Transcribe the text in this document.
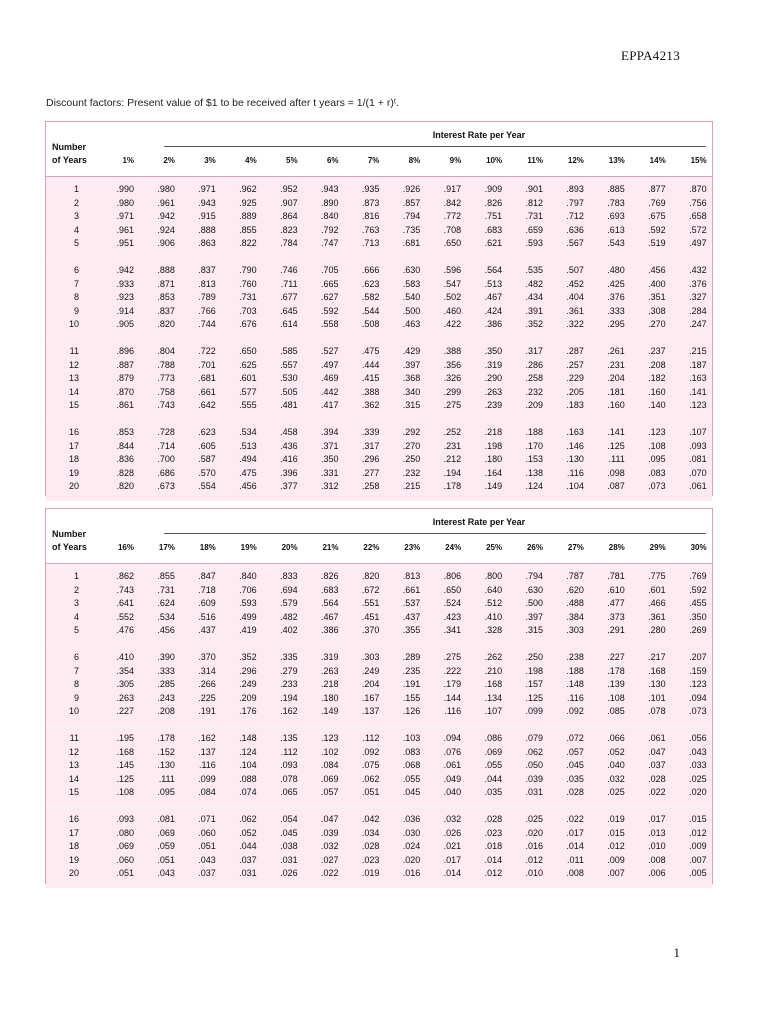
EPPA4213
Discount factors: Present value of $1 to be received after t years = 1/(1 + r)ᵗ.
Interest Rate per Year
Number
of Years	1%	2%	3%	4%	5%	6%	7%	8%	9%	10%	11%	12%	13%	14%	15%
1	.990	.980	.971	.962	.952	.943	.935	.926	.917	.909	.901	.893	.885	.877	.870
2	.980	.961	.943	.925	.907	.890	.873	.857	.842	.826	.812	.797	.783	.769	.756
3	.971	.942	.915	.889	.864	.840	.816	.794	.772	.751	.731	.712	.693	.675	.658
4	.961	.924	.888	.855	.823	.792	.763	.735	.708	.683	.659	.636	.613	.592	.572
5	.951	.906	.863	.822	.784	.747	.713	.681	.650	.621	.593	.567	.543	.519	.497
6	.942	.888	.837	.790	.746	.705	.666	.630	.596	.564	.535	.507	.480	.456	.432
7	.933	.871	.813	.760	.711	.665	.623	.583	.547	.513	.482	.452	.425	.400	.376
8	.923	.853	.789	.731	.677	.627	.582	.540	.502	.467	.434	.404	.376	.351	.327
9	.914	.837	.766	.703	.645	.592	.544	.500	.460	.424	.391	.361	.333	.308	.284
10	.905	.820	.744	.676	.614	.558	.508	.463	.422	.386	.352	.322	.295	.270	.247
11	.896	.804	.722	.650	.585	.527	.475	.429	.388	.350	.317	.287	.261	.237	.215
12	.887	.788	.701	.625	.557	.497	.444	.397	.356	.319	.286	.257	.231	.208	.187
13	.879	.773	.681	.601	.530	.469	.415	.368	.326	.290	.258	.229	.204	.182	.163
14	.870	.758	.661	.577	.505	.442	.388	.340	.299	.263	.232	.205	.181	.160	.141
15	.861	.743	.642	.555	.481	.417	.362	.315	.275	.239	.209	.183	.160	.140	.123
16	.853	.728	.623	.534	.458	.394	.339	.292	.252	.218	.188	.163	.141	.123	.107
17	.844	.714	.605	.513	.436	.371	.317	.270	.231	.198	.170	.146	.125	.108	.093
18	.836	.700	.587	.494	.416	.350	.296	.250	.212	.180	.153	.130	.111	.095	.081
19	.828	.686	.570	.475	.396	.331	.277	.232	.194	.164	.138	.116	.098	.083	.070
20	.820	.673	.554	.456	.377	.312	.258	.215	.178	.149	.124	.104	.087	.073	.061
Interest Rate per Year
Number
of Years	16%	17%	18%	19%	20%	21%	22%	23%	24%	25%	26%	27%	28%	29%	30%
1	.862	.855	.847	.840	.833	.826	.820	.813	.806	.800	.794	.787	.781	.775	.769
2	.743	.731	.718	.706	.694	.683	.672	.661	.650	.640	.630	.620	.610	.601	.592
3	.641	.624	.609	.593	.579	.564	.551	.537	.524	.512	.500	.488	.477	.466	.455
4	.552	.534	.516	.499	.482	.467	.451	.437	.423	.410	.397	.384	.373	.361	.350
5	.476	.456	.437	.419	.402	.386	.370	.355	.341	.328	.315	.303	.291	.280	.269
6	.410	.390	.370	.352	.335	.319	.303	.289	.275	.262	.250	.238	.227	.217	.207
7	.354	.333	.314	.296	.279	.263	.249	.235	.222	.210	.198	.188	.178	.168	.159
8	.305	.285	.266	.249	.233	.218	.204	.191	.179	.168	.157	.148	.139	.130	.123
9	.263	.243	.225	.209	.194	.180	.167	.155	.144	.134	.125	.116	.108	.101	.094
10	.227	.208	.191	.176	.162	.149	.137	.126	.116	.107	.099	.092	.085	.078	.073
11	.195	.178	.162	.148	.135	.123	.112	.103	.094	.086	.079	.072	.066	.061	.056
12	.168	.152	.137	.124	.112	.102	.092	.083	.076	.069	.062	.057	.052	.047	.043
13	.145	.130	.116	.104	.093	.084	.075	.068	.061	.055	.050	.045	.040	.037	.033
14	.125	.111	.099	.088	.078	.069	.062	.055	.049	.044	.039	.035	.032	.028	.025
15	.108	.095	.084	.074	.065	.057	.051	.045	.040	.035	.031	.028	.025	.022	.020
16	.093	.081	.071	.062	.054	.047	.042	.036	.032	.028	.025	.022	.019	.017	.015
17	.080	.069	.060	.052	.045	.039	.034	.030	.026	.023	.020	.017	.015	.013	.012
18	.069	.059	.051	.044	.038	.032	.028	.024	.021	.018	.016	.014	.012	.010	.009
19	.060	.051	.043	.037	.031	.027	.023	.020	.017	.014	.012	.011	.009	.008	.007
20	.051	.043	.037	.031	.026	.022	.019	.016	.014	.012	.010	.008	.007	.006	.005
1
